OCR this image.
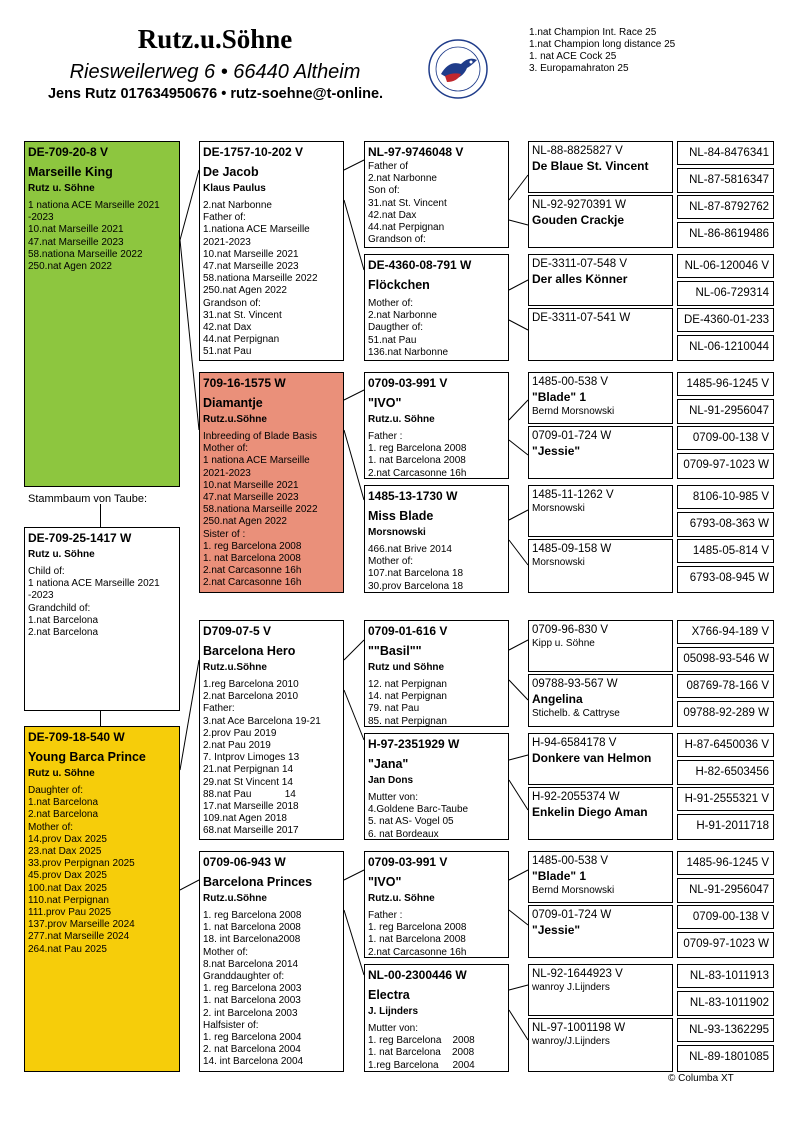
Rutz.u.Söhne
Riesweilerweg 6 • 66440 Altheim
Jens Rutz 017634950676 • rutz-soehne@t-online.
1.nat Champion Int. Race 25
1.nat Champion long distance 25
1. nat ACE Cock 25
3. Europamahraton 25
DE-709-20-8 V
Marseille King
Rutz u. Söhne
1 nationa ACE Marseille 2021
-2023
10.nat Marseille 2021
47.nat Marseille 2023
58.nationa Marseille 2022
250.nat Agen 2022
Stammbaum von Taube:
DE-709-25-1417 W
Rutz u. Söhne
Child of:
1 nationa ACE Marseille 2021
-2023
Grandchild of:
1.nat Barcelona
2.nat Barcelona
DE-709-18-540 W
Young Barca Prince
Rutz u. Söhne
Daughter of:
1.nat Barcelona
2.nat Barcelona
Mother of:
14.prov Dax 2025
23.nat Dax 2025
33.prov Perpignan 2025
45.prov Dax 2025
100.nat Dax 2025
110.nat Perpignan
111.prov Pau 2025
137.prov Marseille 2024
277.nat Marseille 2024
264.nat Pau 2025
DE-1757-10-202 V
De Jacob
Klaus Paulus
2.nat Narbonne
Father of:
1.nationa ACE Marseille
2021-2023
10.nat Marseille 2021
47.nat Marseille 2023
58.nationa Marseille 2022
250.nat Agen 2022
Grandson of:
31.nat St. Vincent
42.nat Dax
44.nat Perpignan
51.nat Pau
709-16-1575 W
Diamantje
Rutz.u.Söhne
Inbreeding of Blade Basis
Mother of:
1 nationa ACE Marseille
2021-2023
10.nat Marseille 2021
47.nat Marseille 2023
58.nationa Marseille 2022
250.nat Agen 2022
Sister of :
1. reg Barcelona 2008
1. nat Barcelona 2008
2.nat Carcasonne 16h
2.nat Carcasonne 16h
D709-07-5 V
Barcelona Hero
Rutz.u.Söhne
1.reg Barcelona 2010
2.nat Barcelona 2010
Father:
3.nat Ace Barcelona 19-21
2.prov Pau 2019
2.nat Pau 2019
7. Intprov Limoges 13
21.nat Perpignan 14
29.nat St Vincent 14
88.nat Pau            14
17.nat Marseille 2018
109.nat Agen 2018
68.nat Marseille 2017
0709-06-943 W
Barcelona Princes
Rutz.u.Söhne
1. reg Barcelona 2008
1. nat Barcelona 2008
18. int Barcelona2008
Mother of:
8.nat Barcelona 2014
Granddaughter of:
1. reg Barcelona 2003
1. nat Barcelona 2003
2. int Barcelona 2003
Halfsister of:
1. reg Barcelona 2004
2. nat Barcelona 2004
14. int Barcelona 2004
NL-97-9746048 V
Father of
2.nat Narbonne
Son of:
31.nat St. Vincent
42.nat Dax
44.nat Perpignan
Grandson of:
DE-4360-08-791 W
Flöckchen
Mother of:
2.nat Narbonne
Daugther of:
51.nat Pau
136.nat Narbonne
0709-03-991 V
"IVO"
Rutz.u. Söhne
Father :
1. reg Barcelona 2008
1. nat Barcelona 2008
2.nat Carcasonne 16h
1485-13-1730 W
Miss Blade
Morsnowski
466.nat Brive 2014
Mother of:
107.nat Barcelona 18
30.prov Barcelona 18
0709-01-616 V
""Basil""
Rutz und Söhne
12. nat Perpignan
14. nat Perpignan
79. nat Pau
85. nat Perpignan
H-97-2351929 W
"Jana"
Jan Dons
Mutter von:
4.Goldene Barc-Taube
5. nat AS- Vogel 05
6. nat Bordeaux
0709-03-991 V
"IVO"
Rutz.u. Söhne
Father :
1. reg Barcelona 2008
1. nat Barcelona 2008
2.nat Carcasonne 16h
NL-00-2300446 W
Electra
J. Lijnders
Mutter von:
1. reg Barcelona    2008
1. nat Barcelona    2008
1.reg Barcelona     2004
NL-88-8825827 V
De Blaue St. Vincent
NL-92-9270391 W
Gouden Crackje
DE-3311-07-548 V
Der alles Könner
DE-3311-07-541 W
1485-00-538 V
"Blade" 1
Bernd Morsnowski
0709-01-724 W
"Jessie"
1485-11-1262 V
Morsnowski
1485-09-158 W
Morsnowski
0709-96-830 V
Kipp u. Söhne
09788-93-567 W
Angelina
Stichelb. & Cattryse
H-94-6584178 V
Donkere van Helmon
H-92-2055374 W
Enkelin Diego Aman
1485-00-538 V
"Blade" 1
Bernd Morsnowski
0709-01-724 W
"Jessie"
NL-92-1644923 V
wanroy J.Lijnders
NL-97-1001198 W
wanroy/J.Lijnders
NL-84-8476341
NL-87-5816347
NL-87-8792762
NL-86-8619486
NL-06-120046 V
NL-06-729314
DE-4360-01-233
NL-06-1210044
1485-96-1245 V
NL-91-2956047
0709-00-138 V
0709-97-1023 W
8106-10-985 V
6793-08-363 W
1485-05-814 V
6793-08-945 W
X766-94-189 V
05098-93-546 W
08769-78-166 V
09788-92-289 W
H-87-6450036 V
H-82-6503456
H-91-2555321 V
H-91-2011718
1485-96-1245 V
NL-91-2956047
0709-00-138 V
0709-97-1023 W
NL-83-1011913
NL-83-1011902
NL-93-1362295
NL-89-1801085
© Columba XT
